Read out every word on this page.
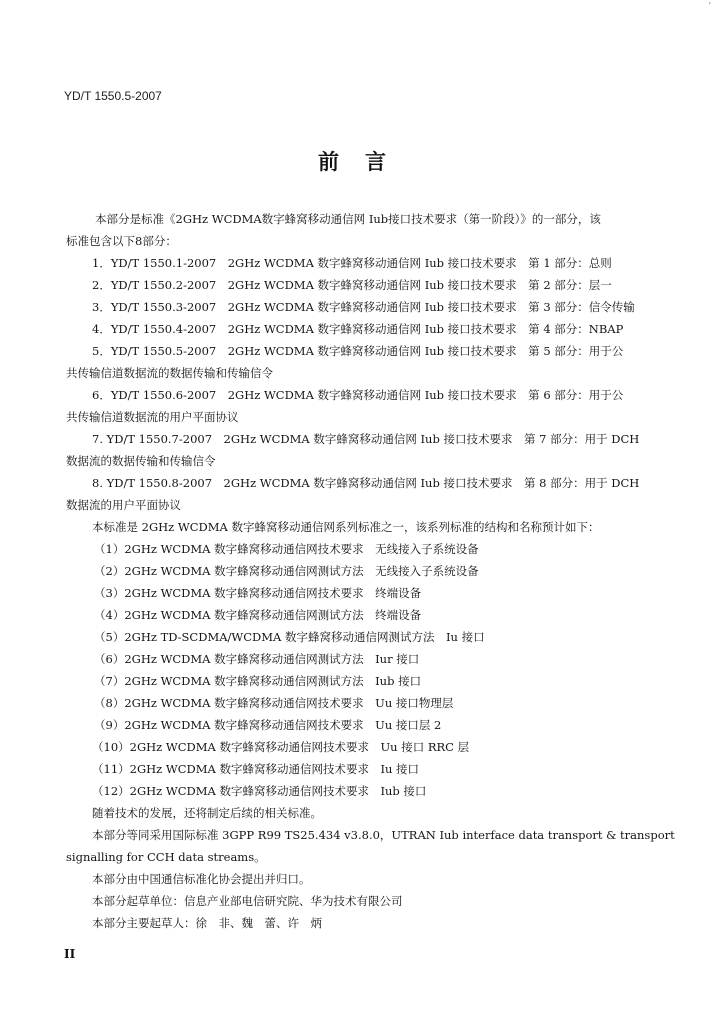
YD/T 1550.5-2007
前言
本部分是标准《2GHz WCDMA数字蜂窝移动通信网 Iub接口技术要求（第一阶段）》的一部分，该
标准包含以下8部分：
1．YD/T 1550.1-2007　2GHz WCDMA 数字蜂窝移动通信网 Iub 接口技术要求　第 1 部分：总则
2．YD/T 1550.2-2007　2GHz WCDMA 数字蜂窝移动通信网 Iub 接口技术要求　第 2 部分：层一
3．YD/T 1550.3-2007　2GHz WCDMA 数字蜂窝移动通信网 Iub 接口技术要求　第 3 部分：信令传输
4．YD/T 1550.4-2007　2GHz WCDMA 数字蜂窝移动通信网 Iub 接口技术要求　第 4 部分：NBAP
5．YD/T 1550.5-2007　2GHz WCDMA 数字蜂窝移动通信网 Iub 接口技术要求　第 5 部分：用于公
共传输信道数据流的数据传输和传输信令
6．YD/T 1550.6-2007　2GHz WCDMA 数字蜂窝移动通信网 Iub 接口技术要求　第 6 部分：用于公
共传输信道数据流的用户平面协议
7. YD/T 1550.7-2007　2GHz WCDMA 数字蜂窝移动通信网 Iub 接口技术要求　第 7 部分：用于 DCH
数据流的数据传输和传输信令
8. YD/T 1550.8-2007　2GHz WCDMA 数字蜂窝移动通信网 Iub 接口技术要求　第 8 部分：用于 DCH
数据流的用户平面协议
本标准是 2GHz WCDMA 数字蜂窝移动通信网系列标准之一，该系列标准的结构和名称预计如下：
（1）2GHz WCDMA 数字蜂窝移动通信网技术要求　无线接入子系统设备
（2）2GHz WCDMA 数字蜂窝移动通信网测试方法　无线接入子系统设备
（3）2GHz WCDMA 数字蜂窝移动通信网技术要求　终端设备
（4）2GHz WCDMA 数字蜂窝移动通信网测试方法　终端设备
（5）2GHz TD-SCDMA/WCDMA 数字蜂窝移动通信网测试方法　Iu 接口
（6）2GHz WCDMA 数字蜂窝移动通信网测试方法　Iur 接口
（7）2GHz WCDMA 数字蜂窝移动通信网测试方法　Iub 接口
（8）2GHz WCDMA 数字蜂窝移动通信网技术要求　Uu 接口物理层
（9）2GHz WCDMA 数字蜂窝移动通信网技术要求　Uu 接口层 2
（10）2GHz WCDMA 数字蜂窝移动通信网技术要求　Uu 接口 RRC 层
（11）2GHz WCDMA 数字蜂窝移动通信网技术要求　Iu 接口
（12）2GHz WCDMA 数字蜂窝移动通信网技术要求　Iub 接口
随着技术的发展，还将制定后续的相关标准。
本部分等同采用国际标准 3GPP R99 TS25.434 v3.8.0，UTRAN Iub interface data transport & transport
signalling for CCH data streams。
本部分由中国通信标准化协会提出并归口。
本部分起草单位：信息产业部电信研究院、华为技术有限公司
本部分主要起草人：徐　非、魏　蕾、许　炳
II
ʼ
